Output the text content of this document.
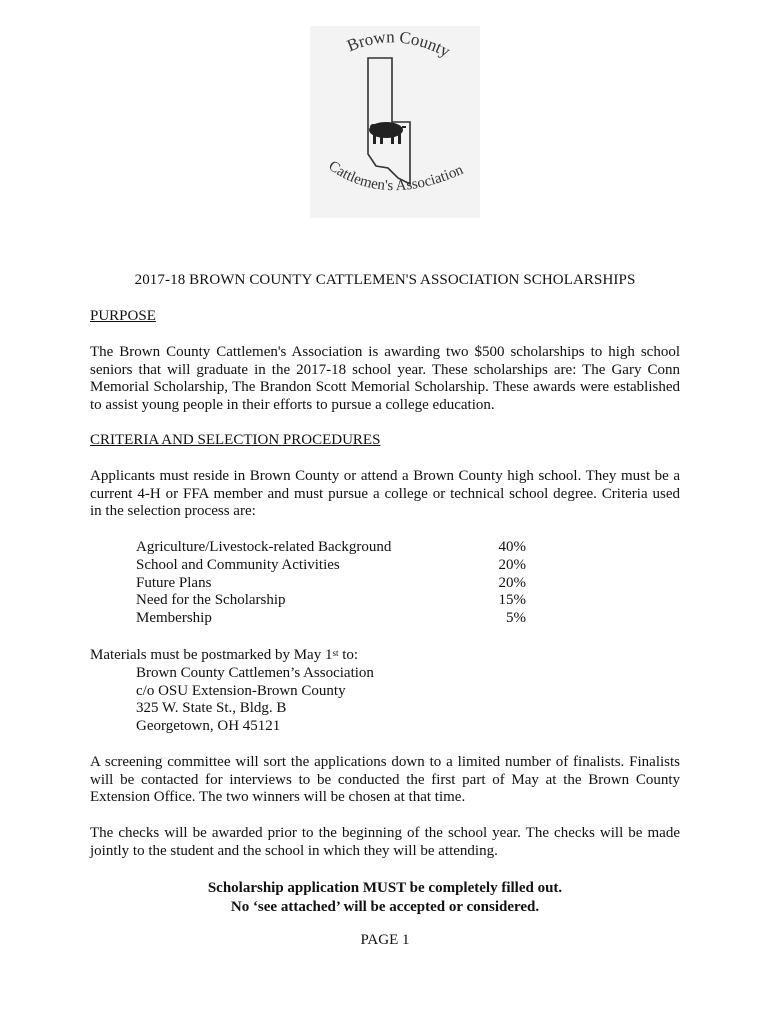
Brown County
Cattlemen's Association
2017-18 BROWN COUNTY CATTLEMEN'S ASSOCIATION SCHOLARSHIPS
PURPOSE
The Brown County Cattlemen's Association is awarding two $500 scholarships to high school
seniors that will graduate in the 2017-18 school year. These scholarships are: The Gary Conn
Memorial Scholarship, The Brandon Scott Memorial Scholarship. These awards were established
to assist young people in their efforts to pursue a college education.
CRITERIA AND SELECTION PROCEDURES
Applicants must reside in Brown County or attend a Brown County high school. They must be a
current 4-H or FFA member and must pursue a college or technical school degree. Criteria used
in the selection process are:
Agriculture/Livestock-related Background	40%
School and Community Activities	20%
Future Plans	20%
Need for the Scholarship	15%
Membership	5%
Materials must be postmarked by May 1st to:
Brown County Cattlemen’s Association
c/o OSU Extension-Brown County
325 W. State St., Bldg. B
Georgetown, OH 45121
A screening committee will sort the applications down to a limited number of finalists. Finalists
will be contacted for interviews to be conducted the first part of May at the Brown County
Extension Office. The two winners will be chosen at that time.
The checks will be awarded prior to the beginning of the school year. The checks will be made
jointly to the student and the school in which they will be attending.
Scholarship application MUST be completely filled out.
No ‘see attached’ will be accepted or considered.
PAGE 1
